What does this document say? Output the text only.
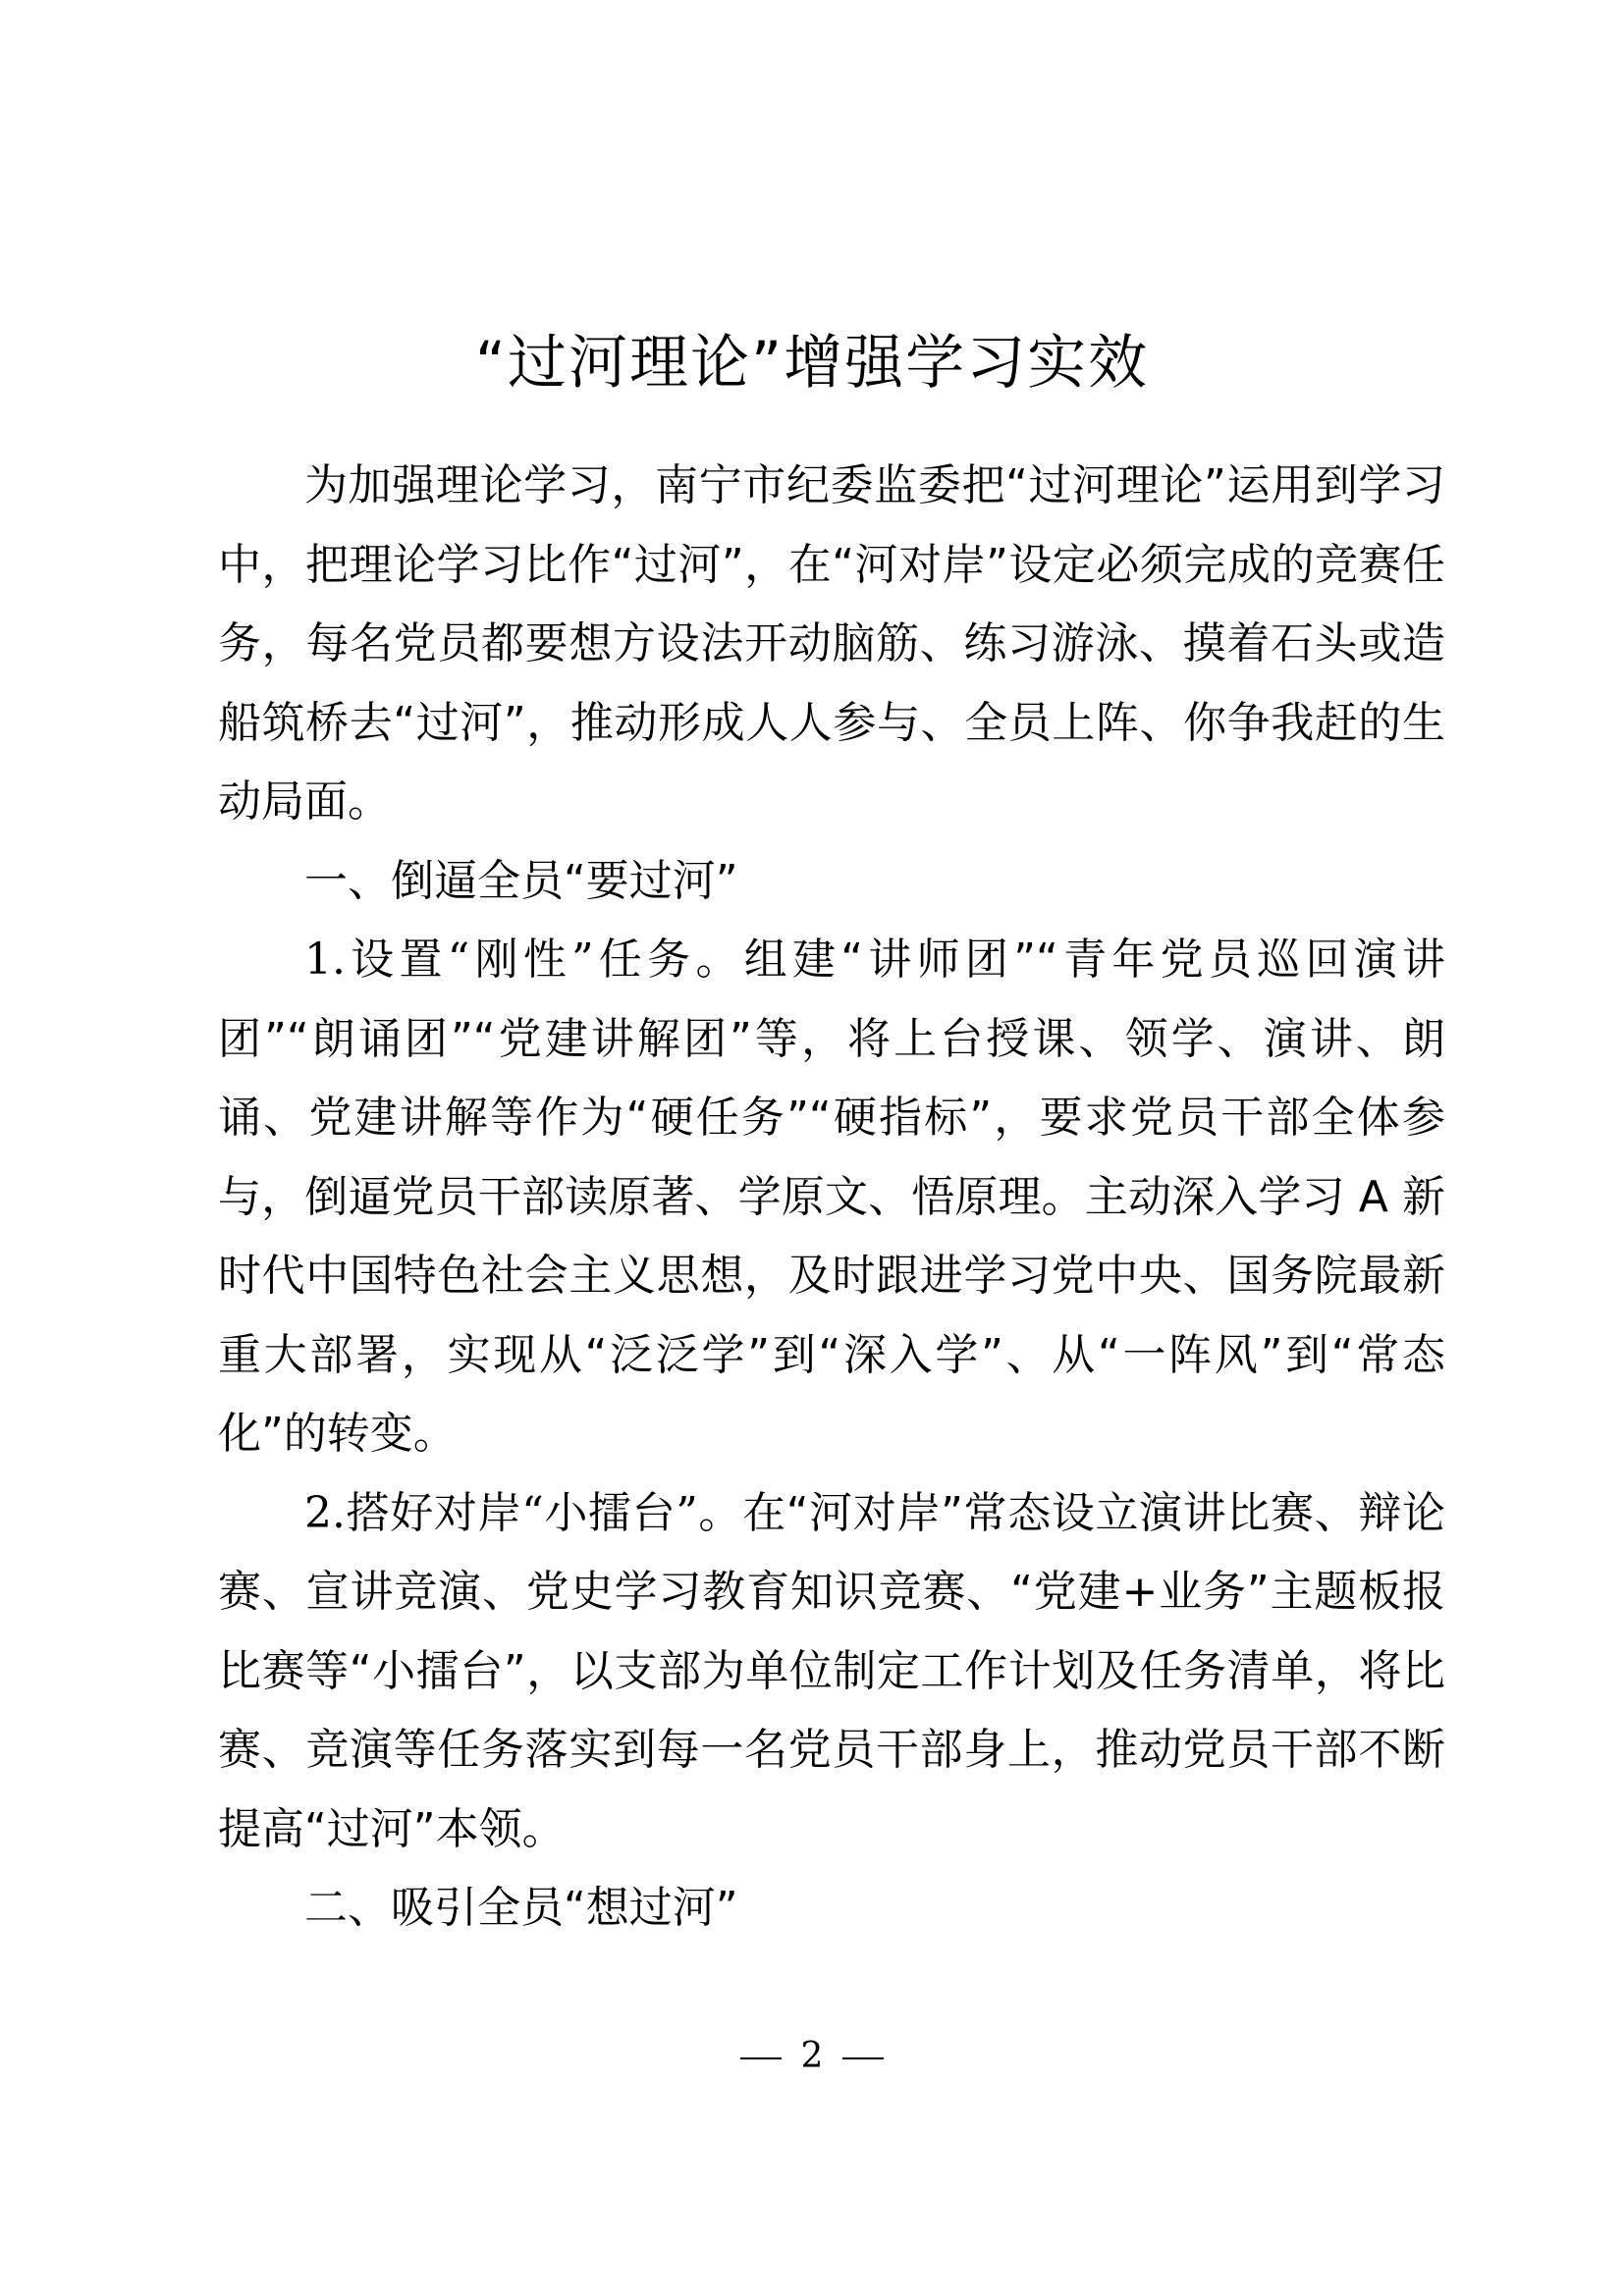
“过河理论”增强学习实效

为加强理论学习，南宁市纪委监委把“过河理论”运用到学习中，把理论学习比作“过河”，在“河对岸”设定必须完成的竞赛任务，每名党员都要想方设法开动脑筋、练习游泳、摸着石头或造船筑桥去“过河”，推动形成人人参与、全员上阵、你争我赶的生动局面。

一、倒逼全员“要过河”

1.设置“刚性”任务。组建“讲师团”“青年党员巡回演讲团”“朗诵团”“党建讲解团”等，将上台授课、领学、演讲、朗诵、党建讲解等作为“硬任务”“硬指标”，要求党员干部全体参与，倒逼党员干部读原著、学原文、悟原理。主动深入学习 A 新时代中国特色社会主义思想，及时跟进学习党中央、国务院最新重大部署，实现从“泛泛学”到“深入学”、从“一阵风”到“常态化”的转变。

2.搭好对岸“小擂台”。在“河对岸”常态设立演讲比赛、辩论赛、宣讲竞演、党史学习教育知识竞赛、“党建+业务”主题板报比赛等“小擂台”，以支部为单位制定工作计划及任务清单，将比赛、竞演等任务落实到每一名党员干部身上，推动党员干部不断提高“过河”本领。

二、吸引全员“想过河”

2
